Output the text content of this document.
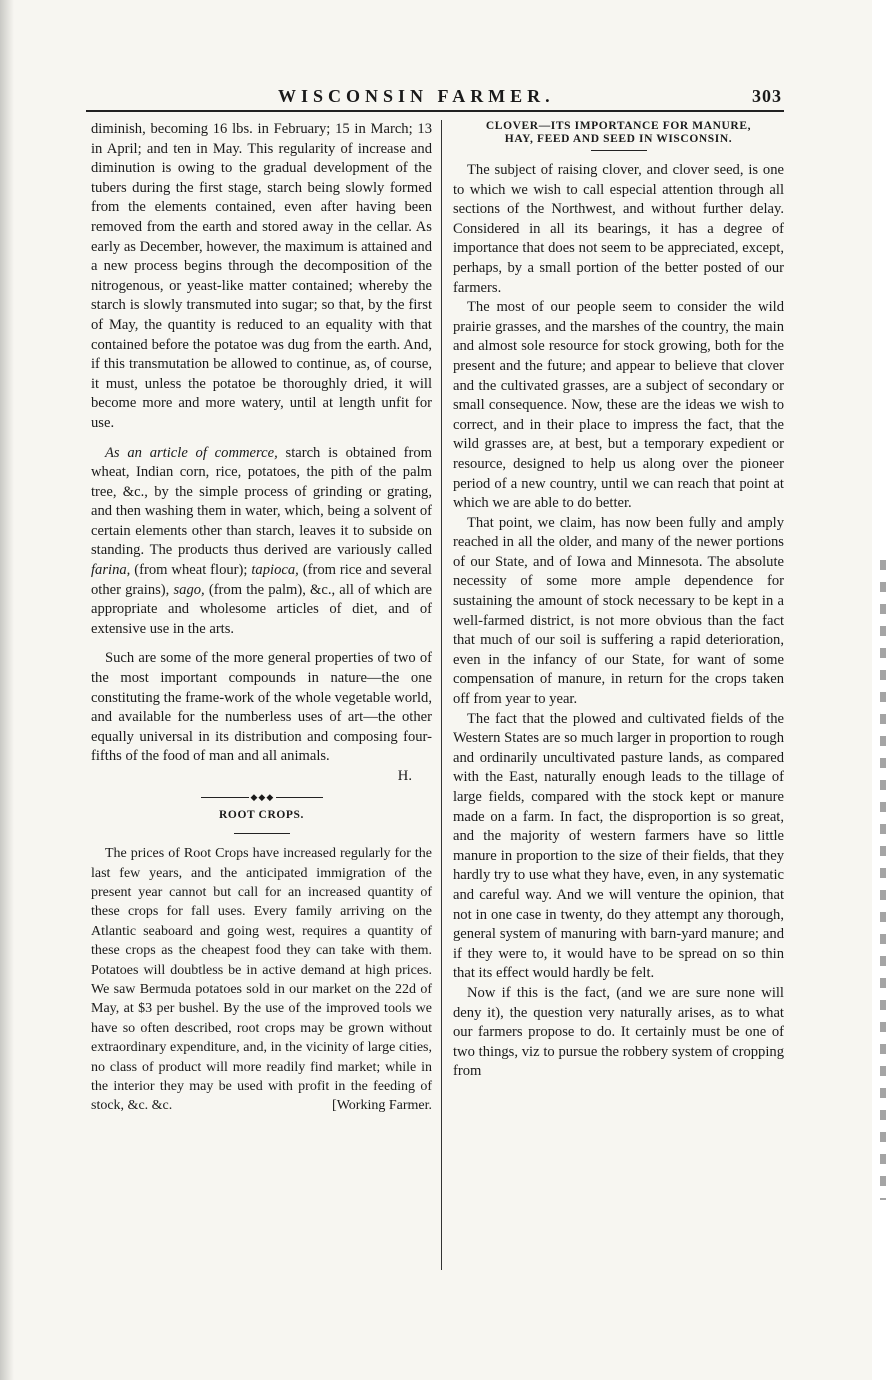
WISCONSIN FARMER.	303

diminish, becoming 16 lbs. in February; 15 in March; 13 in April; and ten in May. This regularity of increase and diminution is owing to the gradual development of the tubers during the first stage, starch being slowly formed from the elements contained, even after having been removed from the earth and stored away in the cellar. As early as December, however, the maximum is attained and a new process begins through the decomposition of the nitrogenous, or yeast-like matter contained; whereby the starch is slowly transmuted into sugar; so that, by the first of May, the quantity is reduced to an equality with that contained before the potatoe was dug from the earth. And, if this transmutation be allowed to continue, as, of course, it must, unless the potatoe be thoroughly dried, it will become more and more watery, until at length unfit for use.

As an article of commerce, starch is obtained from wheat, Indian corn, rice, potatoes, the pith of the palm tree, &c., by the simple process of grinding or grating, and then washing them in water, which, being a solvent of certain elements other than starch, leaves it to subside on standing. The products thus derived are variously called farina, (from wheat flour); tapioca, (from rice and several other grains), sago, (from the palm), &c., all of which are appropriate and wholesome articles of diet, and of extensive use in the arts.

Such are some of the more general properties of two of the most important compounds in nature—the one constituting the frame-work of the whole vegetable world, and available for the numberless uses of art—the other equally universal in its distribution and composing four-fifths of the food of man and all animals.

H.

◆◆◆
ROOT CROPS.

The prices of Root Crops have increased regularly for the last few years, and the anticipated immigration of the present year cannot but call for an increased quantity of these crops for fall uses. Every family arriving on the Atlantic seaboard and going west, requires a quantity of these crops as the cheapest food they can take with them. Potatoes will doubtless be in active demand at high prices. We saw Bermuda potatoes sold in our market on the 22d of May, at $3 per bushel. By the use of the improved tools we have so often described, root crops may be grown without extraordinary expenditure, and, in the vicinity of large cities, no class of product will more readily find market; while in the interior they may be used with profit in the feeding of stock, &c. &c.	[Working Farmer.

CLOVER—ITS IMPORTANCE FOR MANURE,
HAY, FEED AND SEED IN WISCONSIN.

The subject of raising clover, and clover seed, is one to which we wish to call especial attention through all sections of the Northwest, and without further delay. Considered in all its bearings, it has a degree of importance that does not seem to be appreciated, except, perhaps, by a small portion of the better posted of our farmers.

The most of our people seem to consider the wild prairie grasses, and the marshes of the country, the main and almost sole resource for stock growing, both for the present and the future; and appear to believe that clover and the cultivated grasses, are a subject of secondary or small consequence. Now, these are the ideas we wish to correct, and in their place to impress the fact, that the wild grasses are, at best, but a temporary expedient or resource, designed to help us along over the pioneer period of a new country, until we can reach that point at which we are able to do better.

That point, we claim, has now been fully and amply reached in all the older, and many of the newer portions of our State, and of Iowa and Minnesota. The absolute necessity of some more ample dependence for sustaining the amount of stock necessary to be kept in a well-farmed district, is not more obvious than the fact that much of our soil is suffering a rapid deterioration, even in the infancy of our State, for want of some compensation of manure, in return for the crops taken off from year to year.

The fact that the plowed and cultivated fields of the Western States are so much larger in proportion to rough and ordinarily uncultivated pasture lands, as compared with the East, naturally enough leads to the tillage of large fields, compared with the stock kept or manure made on a farm. In fact, the disproportion is so great, and the majority of western farmers have so little manure in proportion to the size of their fields, that they hardly try to use what they have, even, in any systematic and careful way. And we will venture the opinion, that not in one case in twenty, do they attempt any thorough, general system of manuring with barn-yard manure; and if they were to, it would have to be spread on so thin that its effect would hardly be felt.

Now if this is the fact, (and we are sure none will deny it), the question very naturally arises, as to what our farmers propose to do. It certainly must be one of two things, viz to pursue the robbery system of cropping from
